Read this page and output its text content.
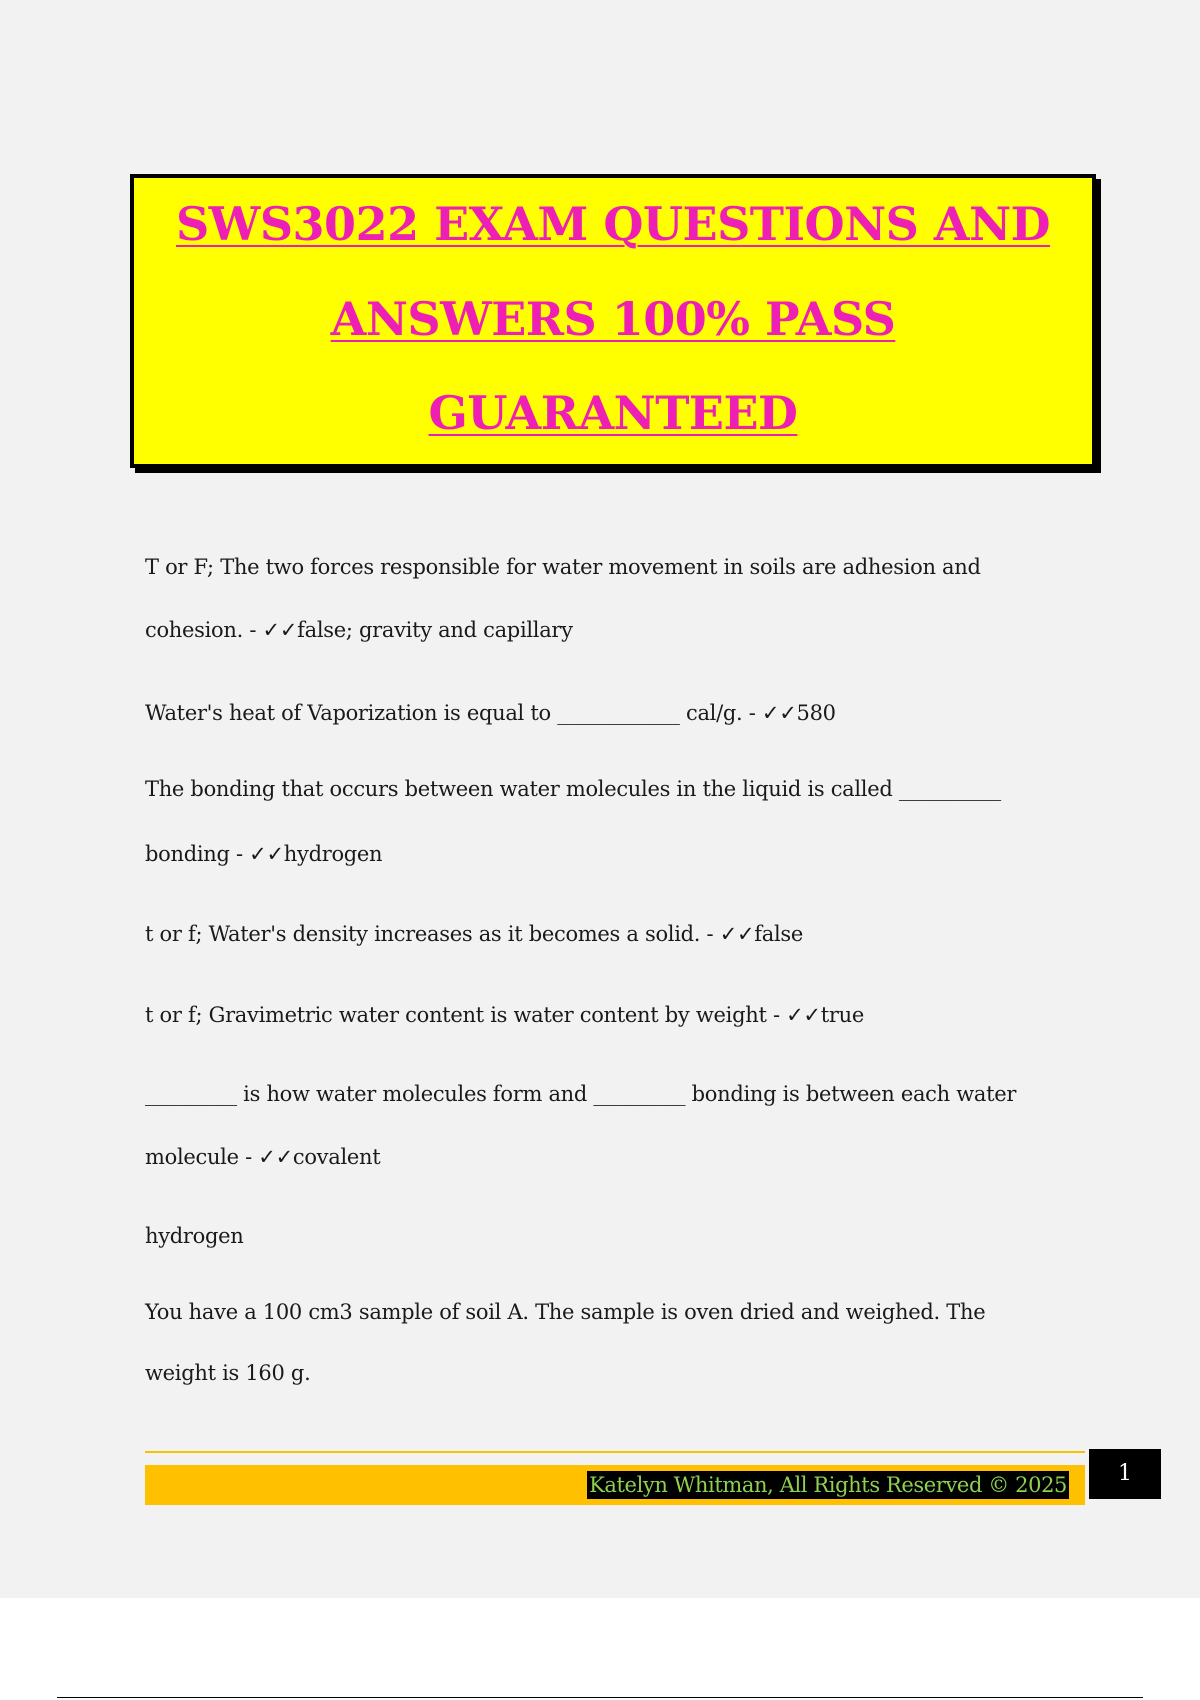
SWS3022 EXAM QUESTIONS AND
ANSWERS 100% PASS
GUARANTEED
T or F; The two forces responsible for water movement in soils are adhesion and
cohesion. - ✓✓false; gravity and capillary
Water's heat of Vaporization is equal to ____________ cal/g. - ✓✓580
The bonding that occurs between water molecules in the liquid is called __________
bonding - ✓✓hydrogen
t or f; Water's density increases as it becomes a solid. - ✓✓false
t or f; Gravimetric water content is water content by weight - ✓✓true
_________ is how water molecules form and _________ bonding is between each water
molecule - ✓✓covalent
hydrogen
You have a 100 cm3 sample of soil A. The sample is oven dried and weighed. The
weight is 160 g.
Katelyn Whitman, All Rights Reserved © 2025	1
